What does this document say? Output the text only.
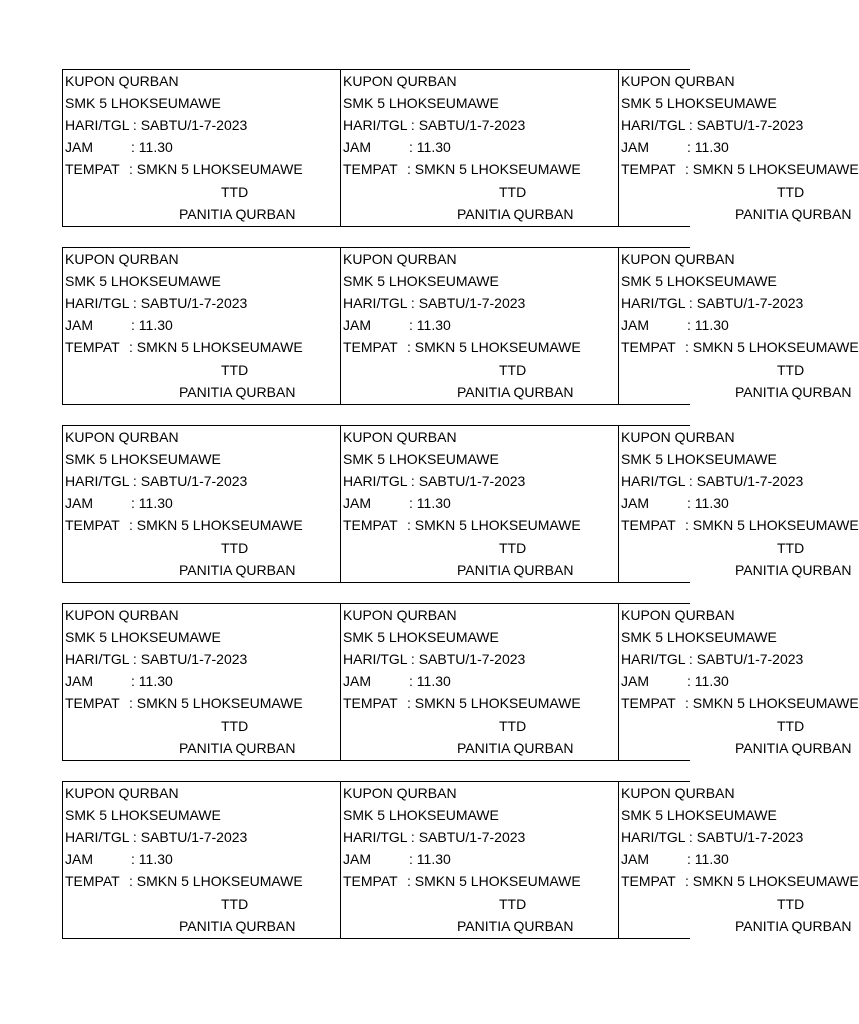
KUPON QURBAN
SMK 5 LHOKSEUMAWE
HARI/TGL : SABTU/1-7-2023
JAM	: 11.30
TEMPAT : SMKN 5 LHOKSEUMAWE
TTD
PANITIA QURBAN
KUPON QURBAN
SMK 5 LHOKSEUMAWE
HARI/TGL : SABTU/1-7-2023
JAM	: 11.30
TEMPAT : SMKN 5 LHOKSEUMAWE
TTD
PANITIA QURBAN
KUPON QURBAN
SMK 5 LHOKSEUMAWE
HARI/TGL : SABTU/1-7-2023
JAM	: 11.30
TEMPAT : SMKN 5 LHOKSEUMAWE
TTD
PANITIA QURBAN
KUPON QURBAN
SMK 5 LHOKSEUMAWE
HARI/TGL : SABTU/1-7-2023
JAM	: 11.30
TEMPAT : SMKN 5 LHOKSEUMAWE
TTD
PANITIA QURBAN
KUPON QURBAN
SMK 5 LHOKSEUMAWE
HARI/TGL : SABTU/1-7-2023
JAM	: 11.30
TEMPAT : SMKN 5 LHOKSEUMAWE
TTD
PANITIA QURBAN
KUPON QURBAN
SMK 5 LHOKSEUMAWE
HARI/TGL : SABTU/1-7-2023
JAM	: 11.30
TEMPAT : SMKN 5 LHOKSEUMAWE
TTD
PANITIA QURBAN
KUPON QURBAN
SMK 5 LHOKSEUMAWE
HARI/TGL : SABTU/1-7-2023
JAM	: 11.30
TEMPAT : SMKN 5 LHOKSEUMAWE
TTD
PANITIA QURBAN
KUPON QURBAN
SMK 5 LHOKSEUMAWE
HARI/TGL : SABTU/1-7-2023
JAM	: 11.30
TEMPAT : SMKN 5 LHOKSEUMAWE
TTD
PANITIA QURBAN
KUPON QURBAN
SMK 5 LHOKSEUMAWE
HARI/TGL : SABTU/1-7-2023
JAM	: 11.30
TEMPAT : SMKN 5 LHOKSEUMAWE
TTD
PANITIA QURBAN
KUPON QURBAN
SMK 5 LHOKSEUMAWE
HARI/TGL : SABTU/1-7-2023
JAM	: 11.30
TEMPAT : SMKN 5 LHOKSEUMAWE
TTD
PANITIA QURBAN
KUPON QURBAN
SMK 5 LHOKSEUMAWE
HARI/TGL : SABTU/1-7-2023
JAM	: 11.30
TEMPAT : SMKN 5 LHOKSEUMAWE
TTD
PANITIA QURBAN
KUPON QURBAN
SMK 5 LHOKSEUMAWE
HARI/TGL : SABTU/1-7-2023
JAM	: 11.30
TEMPAT : SMKN 5 LHOKSEUMAWE
TTD
PANITIA QURBAN
KUPON QURBAN
SMK 5 LHOKSEUMAWE
HARI/TGL : SABTU/1-7-2023
JAM	: 11.30
TEMPAT : SMKN 5 LHOKSEUMAWE
TTD
PANITIA QURBAN
KUPON QURBAN
SMK 5 LHOKSEUMAWE
HARI/TGL : SABTU/1-7-2023
JAM	: 11.30
TEMPAT : SMKN 5 LHOKSEUMAWE
TTD
PANITIA QURBAN
KUPON QURBAN
SMK 5 LHOKSEUMAWE
HARI/TGL : SABTU/1-7-2023
JAM	: 11.30
TEMPAT : SMKN 5 LHOKSEUMAWE
TTD
PANITIA QURBAN
